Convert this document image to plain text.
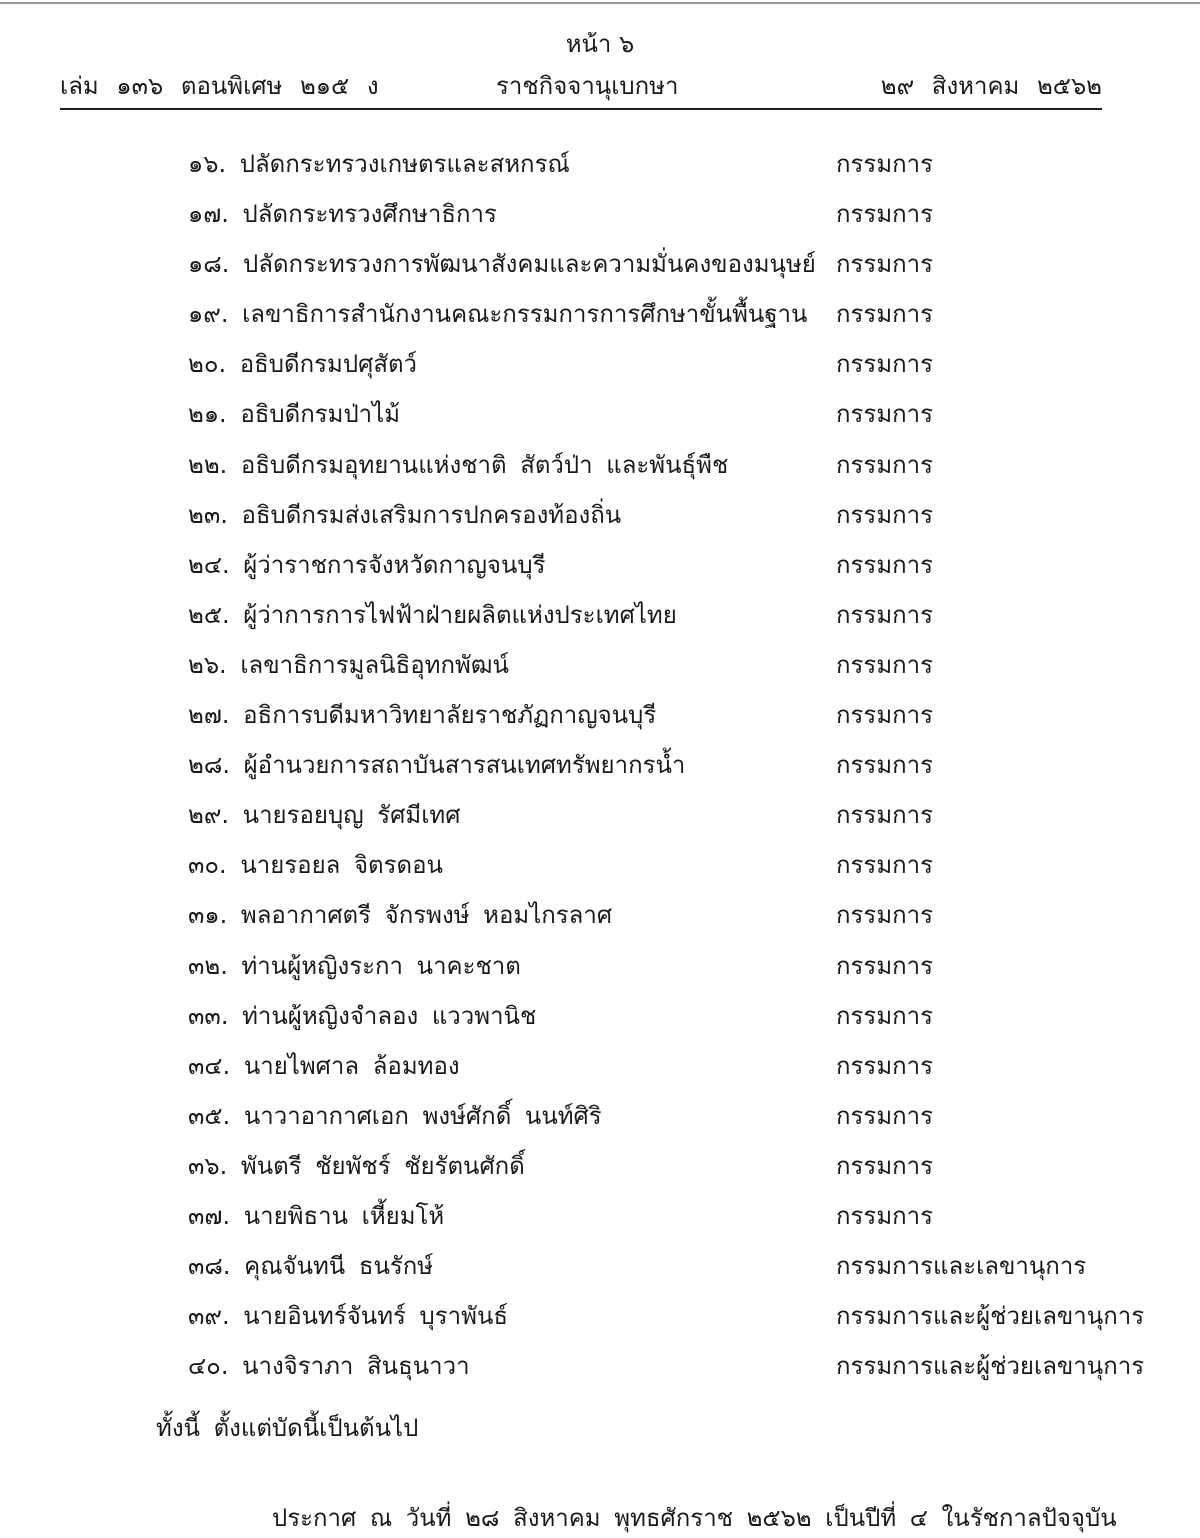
หน้า ๖
เล่ม ๑๓๖ ตอนพิเศษ ๒๑๕ ง	ราชกิจจานุเบกษา	๒๙ สิงหาคม ๒๕๖๒
๑๖. ปลัดกระทรวงเกษตรและสหกรณ์	กรรมการ
๑๗. ปลัดกระทรวงศึกษาธิการ	กรรมการ
๑๘. ปลัดกระทรวงการพัฒนาสังคมและความมั่นคงของมนุษย์ กรรมการ
๑๙. เลขาธิการสำนักงานคณะกรรมการการศึกษาขั้นพื้นฐาน กรรมการ
๒๐. อธิบดีกรมปศุสัตว์	กรรมการ
๒๑. อธิบดีกรมป่าไม้	กรรมการ
๒๒. อธิบดีกรมอุทยานแห่งชาติ สัตว์ป่า และพันธุ์พืช	กรรมการ
๒๓. อธิบดีกรมส่งเสริมการปกครองท้องถิ่น	กรรมการ
๒๔. ผู้ว่าราชการจังหวัดกาญจนบุรี	กรรมการ
๒๕. ผู้ว่าการการไฟฟ้าฝ่ายผลิตแห่งประเทศไทย	กรรมการ
๒๖. เลขาธิการมูลนิธิอุทกพัฒน์	กรรมการ
๒๗. อธิการบดีมหาวิทยาลัยราชภัฏกาญจนบุรี	กรรมการ
๒๘. ผู้อำนวยการสถาบันสารสนเทศทรัพยากรน้ำ	กรรมการ
๒๙. นายรอยบุญ รัศมีเทศ	กรรมการ
๓๐. นายรอยล จิตรดอน	กรรมการ
๓๑. พลอากาศตรี จักรพงษ์ หอมไกรลาศ	กรรมการ
๓๒. ท่านผู้หญิงระกา นาคะชาต	กรรมการ
๓๓. ท่านผู้หญิงจำลอง แววพานิช	กรรมการ
๓๔. นายไพศาล ล้อมทอง	กรรมการ
๓๕. นาวาอากาศเอก พงษ์ศักดิ์ นนท์ศิริ	กรรมการ
๓๖. พันตรี ชัยพัชร์ ชัยรัตนศักดิ์	กรรมการ
๓๗. นายพิธาน เหี้ยมโห้	กรรมการ
๓๘. คุณจันทนี ธนรักษ์	กรรมการและเลขานุการ
๓๙. นายอินทร์จันทร์ บุราพันธ์	กรรมการและผู้ช่วยเลขานุการ
๔๐. นางจิราภา สินธุนาวา	กรรมการและผู้ช่วยเลขานุการ
ทั้งนี้ ตั้งแต่บัดนี้เป็นต้นไป
ประกาศ ณ วันที่ ๒๘ สิงหาคม พุทธศักราช ๒๕๖๒ เป็นปีที่ ๔ ในรัชกาลปัจจุบัน
